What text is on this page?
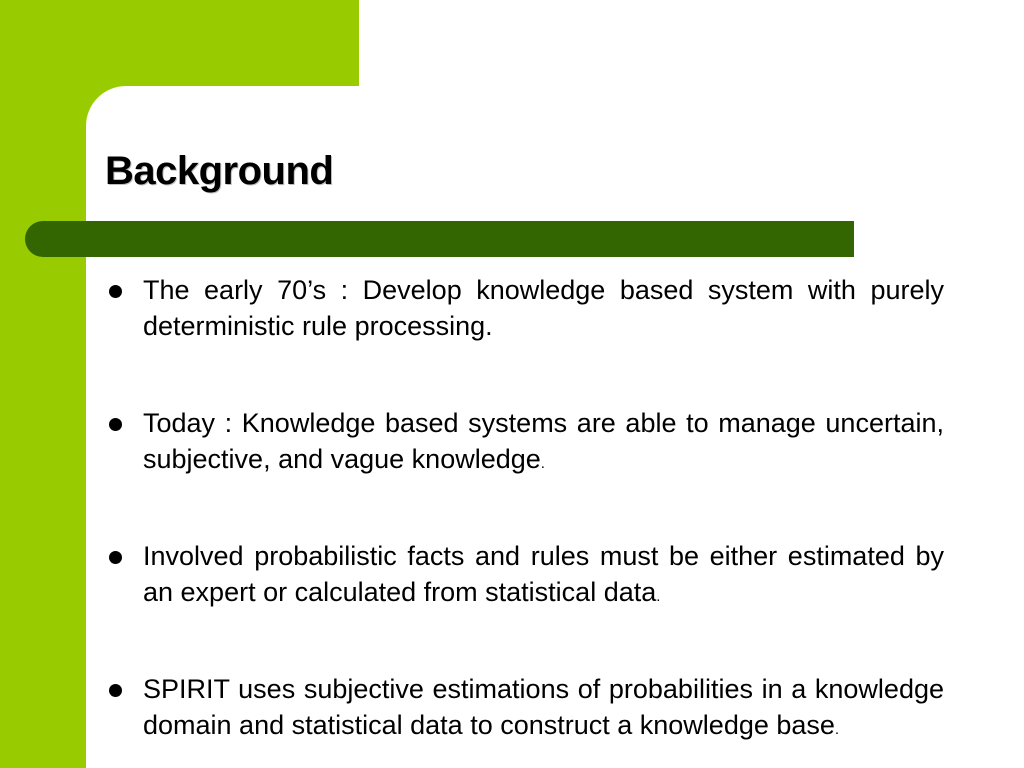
Background
The early 70’s : Develop knowledge based system with purely deterministic rule processing.
Today : Knowledge based systems are able to manage uncertain, subjective, and vague knowledge.
Involved probabilistic facts and rules must be either estimated by an expert or calculated from statistical data.
SPIRIT uses subjective estimations of probabilities in a knowledge domain and statistical data to construct a knowledge base.
